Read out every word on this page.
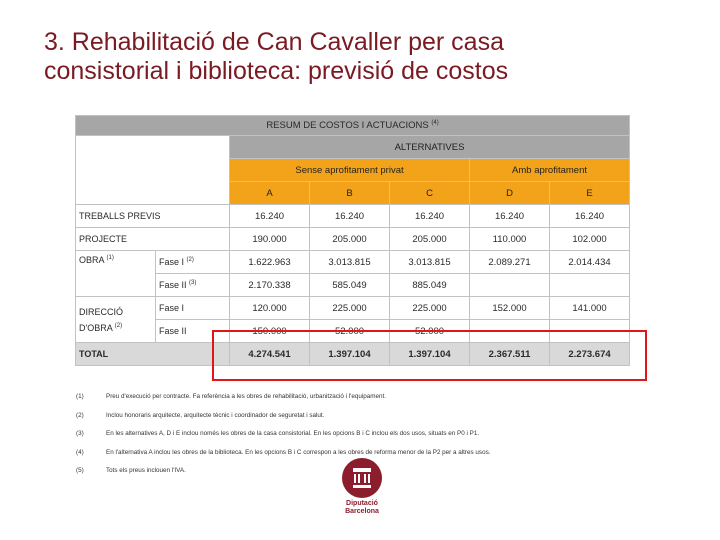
3. Rehabilitació de Can Cavaller per casa
consistorial i biblioteca: previsió de costos
RESUM DE COSTOS I ACTUACIONS $^{(4)}$
		ALTERNATIVES				
		Sense aprofitament privat			Amb aprofitament	
		A	B	C	D	E
TREBALLS PREVIS		16.240	16.240	16.240	16.240	16.240
PROJECTE		190.000	205.000	205.000	110.000	102.000
OBRA $^{(1)}$	Fase I $^{(2)}$	1.622.963	3.013.815	3.013.815	2.089.271	2.014.434
	Fase II $^{(3)}$	2.170.338	585.049	885.049		
DIRECCIÓ
D'OBRA $^{(2)}$	Fase I	120.000	225.000	225.000	152.000	141.000
	Fase II	150.000	52.000	52.000	---	---
TOTAL		4.274.541	1.397.104	1.397.104	2.367.511	2.273.674
(1)	Preu d'execució per contracte. Fa referència a les obres de rehabilitació, urbanització i l'equipament.
(2)	Inclou honoraris arquitecte, arquitecte tècnic i coordinador de seguretat i salut.
(3)	En les alternatives A, D i E inclou només les obres de la casa consistorial. En les opcions B i C inclou els dos usos, situats en P0 i P1.
(4)	En l'alternativa A inclou les obres de la biblioteca. En les opcions B i C correspon a les obres de reforma menor de la P2 per a altres usos.
(5)	Tots els preus inclouen l'IVA.
Diputació
Barcelona
